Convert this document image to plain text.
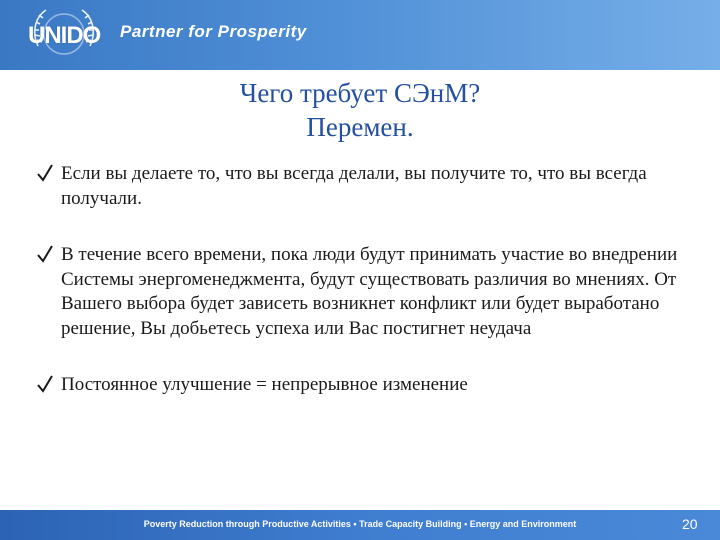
UNIDO Partner for Prosperity
Чего требует СЭнМ?
Перемен.
Если вы делаете то, что вы всегда делали, вы получите то, что вы всегда получали.
В течение всего времени, пока люди будут принимать участие во внедрении Системы энергоменеджмента, будут существовать различия во мнениях. От Вашего выбора будет зависеть возникнет конфликт или будет выработано решение, Вы добьетесь успеха или Вас постигнет неудача
Постоянное улучшение = непрерывное изменение
Poverty Reduction through Productive Activities • Trade Capacity Building • Energy and Environment	20
